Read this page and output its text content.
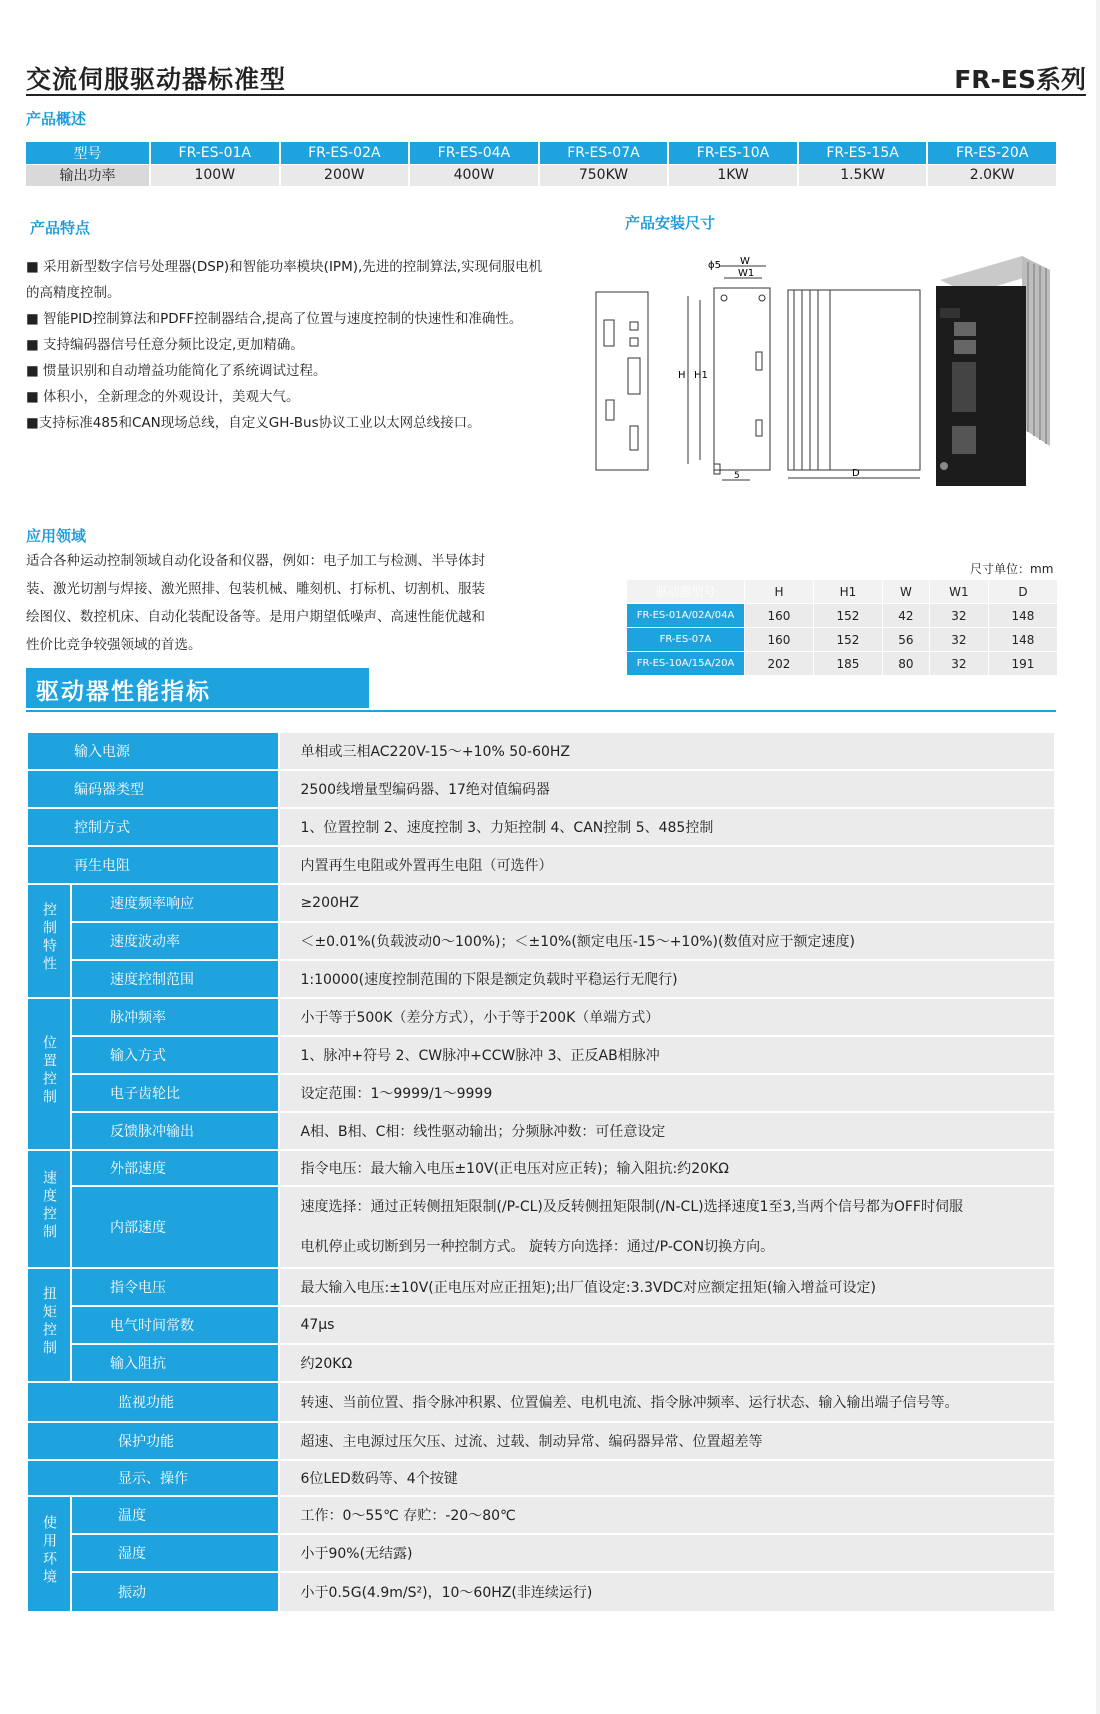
交流伺服驱动器标准型	FR-ES系列
产品概述
型号	FR-ES-01A	FR-ES-02A	FR-ES-04A	FR-ES-07A	FR-ES-10A	FR-ES-15A	FR-ES-20A
输出功率	100W	200W	400W	750KW	1KW	1.5KW	2.0KW
产品特点
■ 采用新型数字信号处理器(DSP)和智能功率模块(IPM),先进的控制算法,实现伺服电机
的高精度控制。
■ 智能PID控制算法和PDFF控制器结合,提高了位置与速度控制的快速性和准确性。
■ 支持编码器信号任意分频比设定,更加精确。
■ 惯量识别和自动增益功能简化了系统调试过程。
■ 体积小，全新理念的外观设计，美观大气。
■支持标准485和CAN现场总线，自定义GH-Bus协议工业以太网总线接口。
产品安装尺寸
ϕ5 W
W1
H H1
5	D
应用领域
适合各种运动控制领域自动化设备和仪器，例如：电子加工与检测、半导体封
装、激光切割与焊接、激光照排、包装机械、雕刻机、打标机、切割机、服装
绘图仪、数控机床、自动化装配设备等。是用户期望低噪声、高速性能优越和
性价比竞争较强领域的首选。
尺寸单位：mm
驱动器型号	H	H1	W	W1	D
FR-ES-01A/02A/04A	160	152	42	32	148
FR-ES-07A	160	152	56	32	148
FR-ES-10A/15A/20A	202	185	80	32	191
驱动器性能指标
输入电源		单相或三相AC220V-15～+10% 50-60HZ
编码器类型		2500线增量型编码器、17绝对值编码器
控制方式		1、位置控制 2、速度控制 3、力矩控制 4、CAN控制 5、485控制
再生电阻		内置再生电阻或外置再生电阻（可选件）
控制特性	速度频率响应	≥200HZ
	速度波动率	＜±0.01%(负载波动0～100%)；＜±10%(额定电压-15～+10%)(数值对应于额定速度)
	速度控制范围	1:10000(速度控制范围的下限是额定负载时平稳运行无爬行)
位置控制	脉冲频率	小于等于500K（差分方式），小于等于200K（单端方式）
	输入方式	1、脉冲+符号 2、CW脉冲+CCW脉冲 3、正反AB相脉冲
	电子齿轮比	设定范围：1～9999/1～9999
	反馈脉冲输出	A相、B相、C相：线性驱动输出；分频脉冲数：可任意设定
速度控制	外部速度	指令电压：最大输入电压±10V(正电压对应正转)；输入阻抗:约20KΩ
	内部速度	速度选择：通过正转侧扭矩限制(/P-CL)及反转侧扭矩限制(/N-CL)选择速度1至3,当两个信号都为OFF时伺服
电机停止或切断到另一种控制方式。 旋转方向选择：通过/P-CON切换方向。

扭矩控制	指令电压	最大输入电压:±10V(正电压对应正扭矩);出厂值设定:3.3VDC对应额定扭矩(输入增益可设定)
	电气时间常数	47μs
	输入阻抗	约20KΩ
监视功能		转速、当前位置、指令脉冲积累、位置偏差、电机电流、指令脉冲频率、运行状态、输入输出端子信号等。
保护功能		超速、主电源过压欠压、过流、过载、制动异常、编码器异常、位置超差等
显示、操作		6位LED数码等、4个按键
使用环境	温度	工作：0～55℃ 存贮：-20～80℃
	湿度	小于90%(无结露)
	振动	小于0.5G(4.9m/S²)，10～60HZ(非连续运行)
